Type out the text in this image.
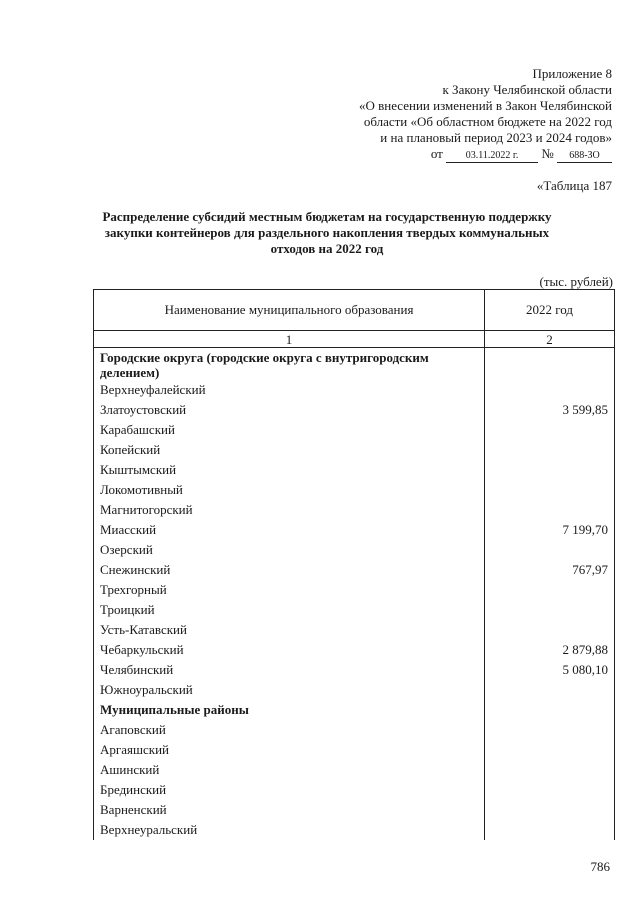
Приложение 8
к Закону Челябинской области
«О внесении изменений в Закон Челябинской
области «Об областном бюджете на 2022 год
и на плановый период 2023 и 2024 годов»
от 03.11.2022 г. № 688-ЗО
«Таблица 187
Распределение субсидий местным бюджетам на государственную поддержку закупки контейнеров для раздельного накопления твердых коммунальных отходов на 2022 год
(тыс. рублей)
Наименование муниципального образования	2022 год
1	2
Городские округа (городские округа с внутригородским делением)	
Верхнеуфалейский	
Златоустовский	3 599,85
Карабашский	
Копейский	
Кыштымский	
Локомотивный	
Магнитогорский	
Миасский	7 199,70
Озерский	
Снежинский	767,97
Трехгорный	
Троицкий	
Усть-Катавский	
Чебаркульский	2 879,88
Челябинский	5 080,10
Южноуральский	
Муниципальные районы	
Агаповский	
Аргаяшский	
Ашинский	
Брединский	
Варненский	
Верхнеуральский	
786
